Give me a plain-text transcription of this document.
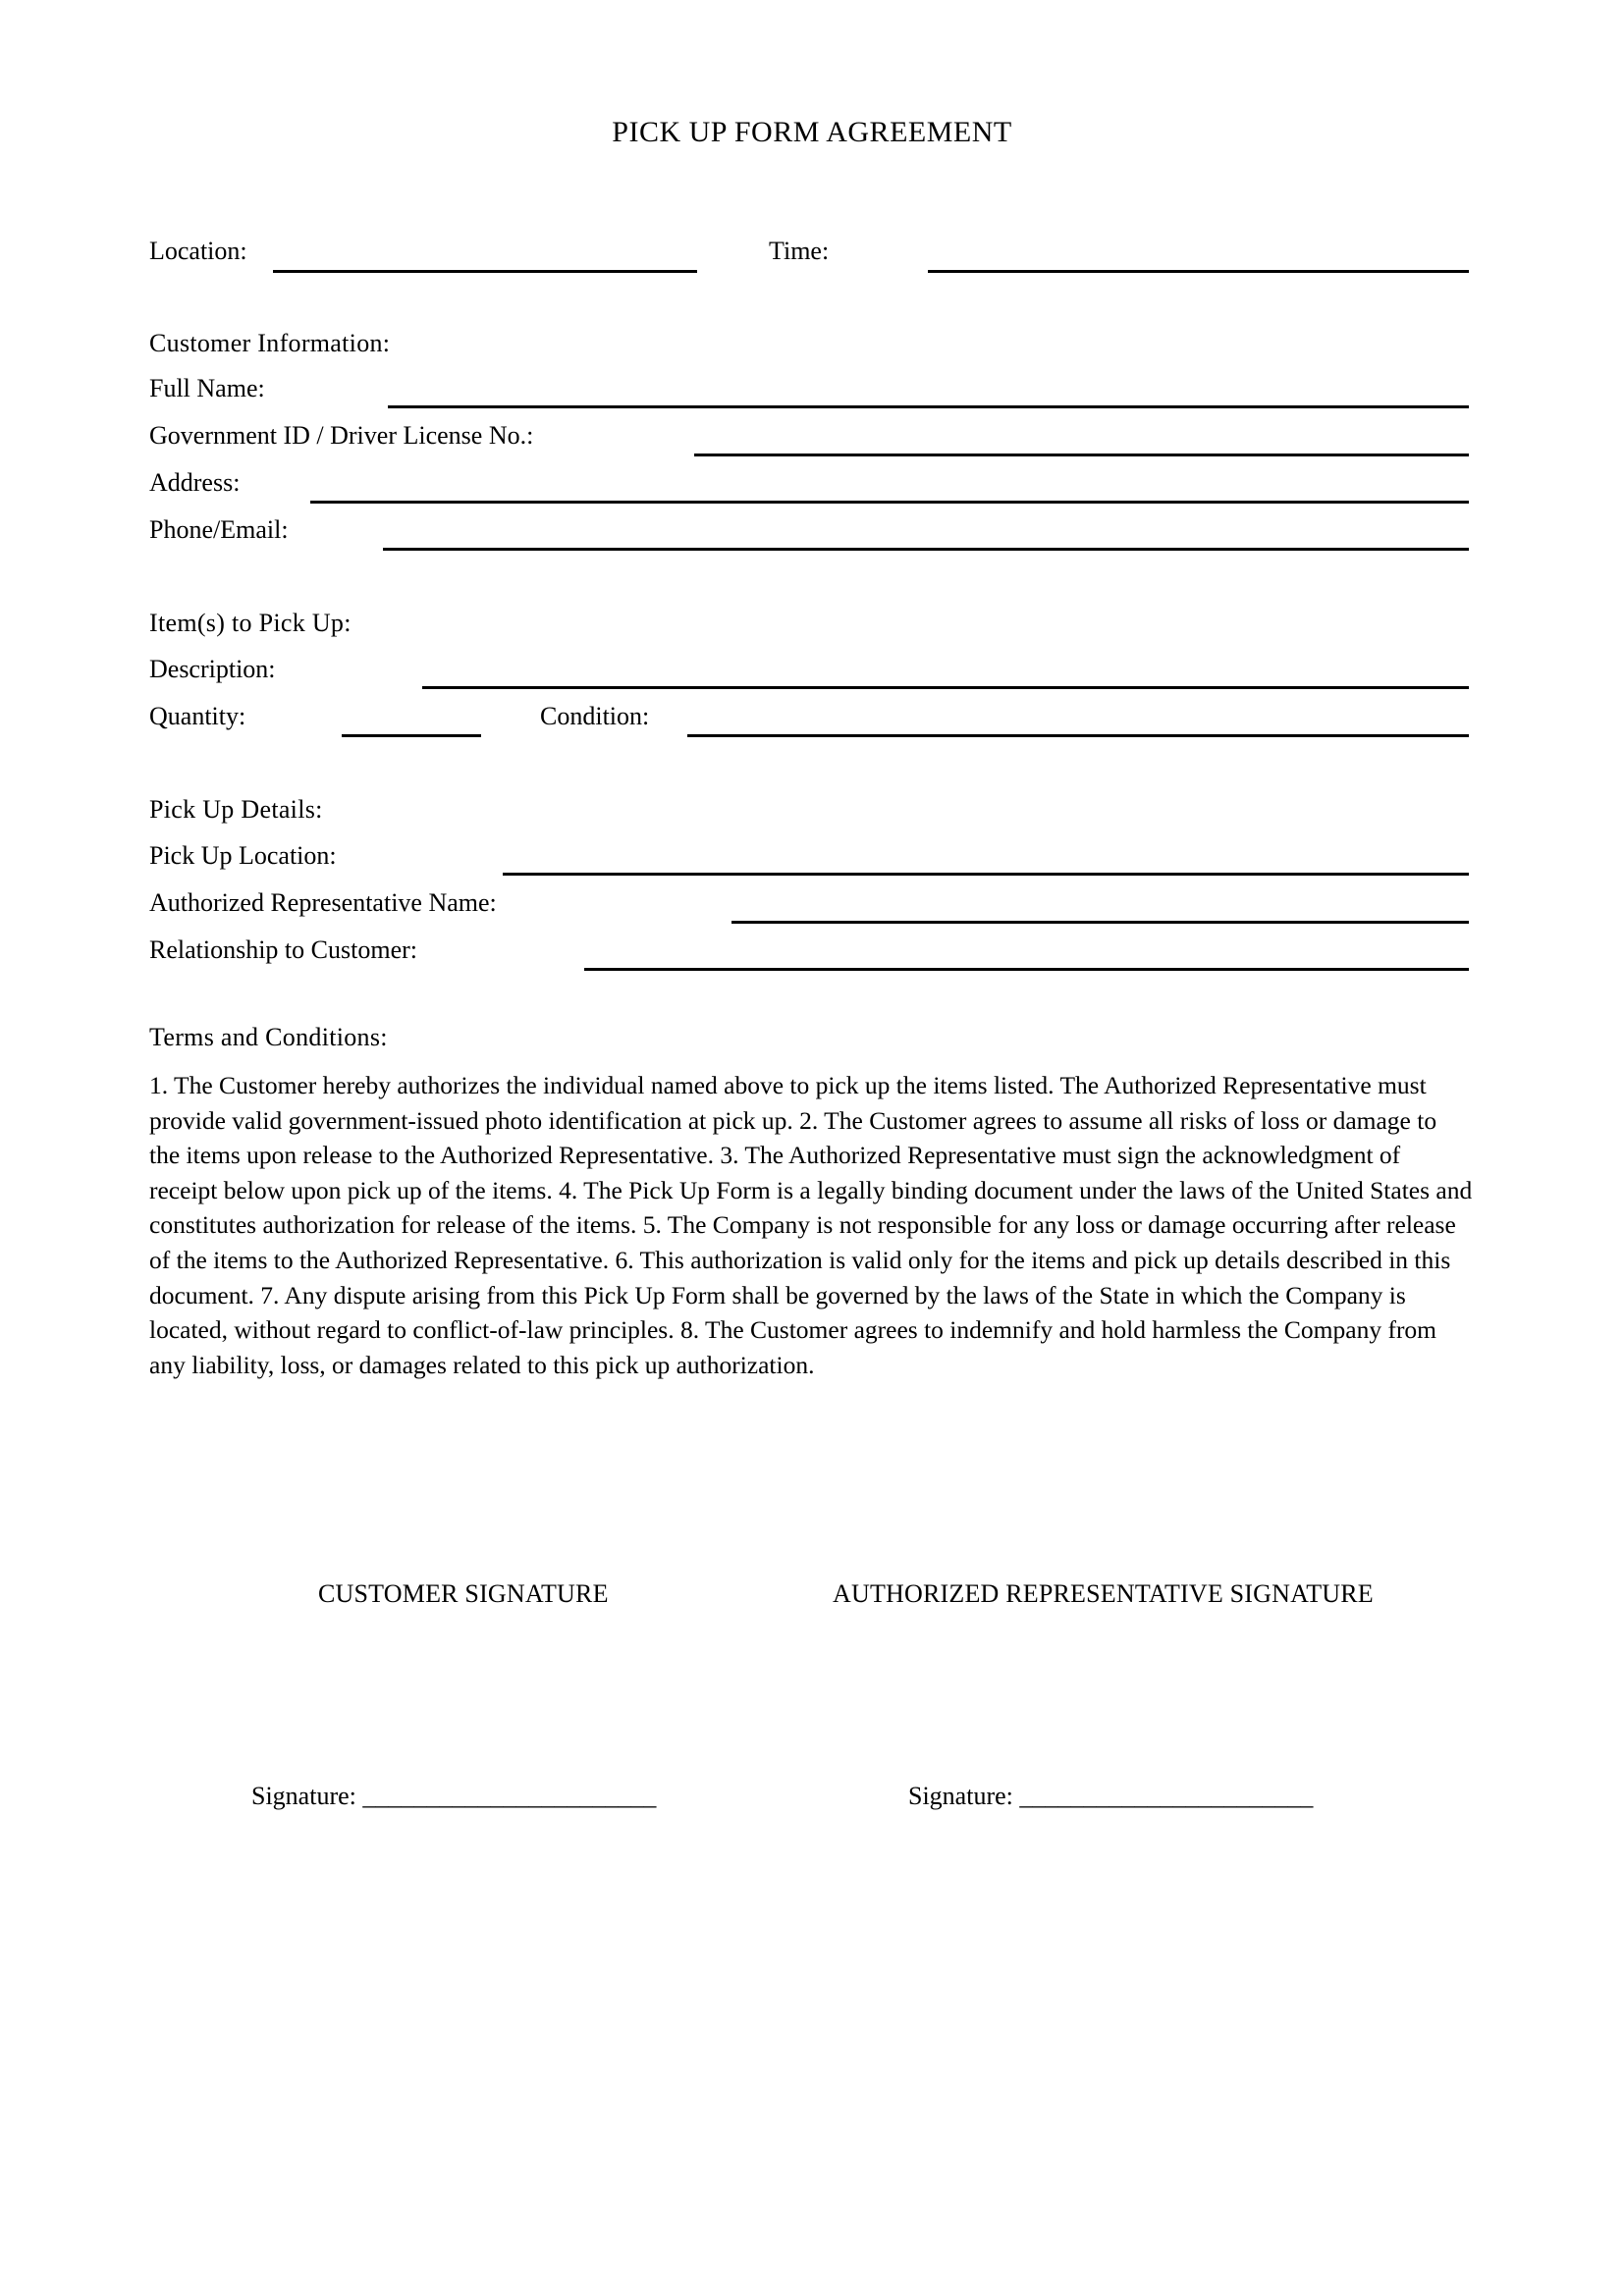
PICK UP FORM AGREEMENT
Location:	Time:
Customer Information:
Full Name:
Government ID / Driver License No.:
Address:
Phone/Email:
Item(s) to Pick Up:
Description:
Quantity:	Condition:
Pick Up Details:
Pick Up Location:
Authorized Representative Name:
Relationship to Customer:
Terms and Conditions:
1. The Customer hereby authorizes the individual named above to pick up the items listed. The Authorized Representative must provide valid government-issued photo identification at pick up. 2. The Customer agrees to assume all risks of loss or damage to the items upon release to the Authorized Representative. 3. The Authorized Representative must sign the acknowledgment of receipt below upon pick up of the items. 4. The Pick Up Form is a legally binding document under the laws of the United States and constitutes authorization for release of the items. 5. The Company is not responsible for any loss or damage occurring after release of the items to the Authorized Representative. 6. This authorization is valid only for the items and pick up details described in this document. 7. Any dispute arising from this Pick Up Form shall be governed by the laws of the State in which the Company is located, without regard to conflict-of-law principles. 8. The Customer agrees to indemnify and hold harmless the Company from any liability, loss, or damages related to this pick up authorization.
CUSTOMER SIGNATURE	AUTHORIZED REPRESENTATIVE SIGNATURE
Signature: _______________________	Signature: _______________________
